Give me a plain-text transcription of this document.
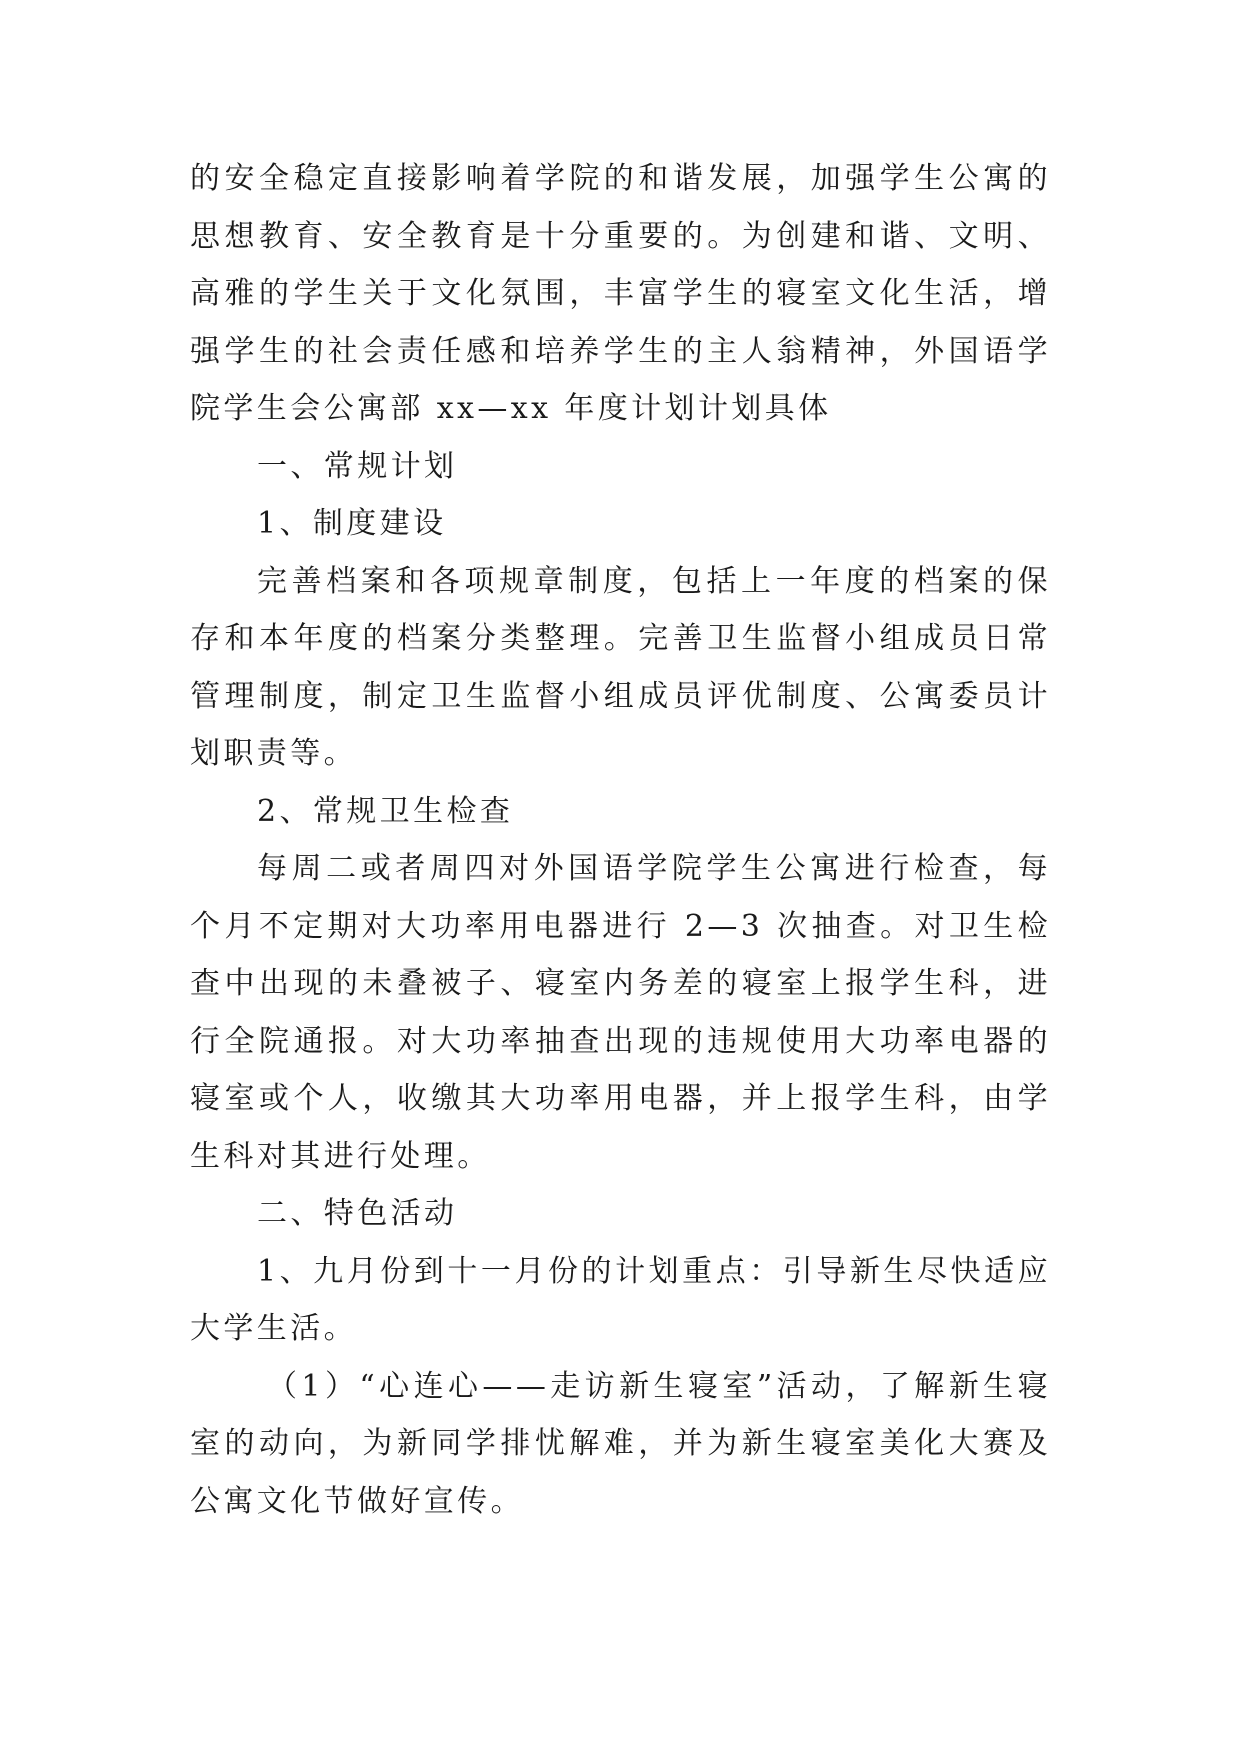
的安全稳定直接影响着学院的和谐发展，加强学生公寓的思想教育、安全教育是十分重要的。为创建和谐、文明、高雅的学生关于文化氛围，丰富学生的寝室文化生活，增强学生的社会责任感和培养学生的主人翁精神，外国语学院学生会公寓部 xx—xx 年度计划计划具体

一、常规计划

1、制度建设

完善档案和各项规章制度，包括上一年度的档案的保存和本年度的档案分类整理。完善卫生监督小组成员日常管理制度，制定卫生监督小组成员评优制度、公寓委员计划职责等。

2、常规卫生检查

每周二或者周四对外国语学院学生公寓进行检查，每个月不定期对大功率用电器进行 2—3 次抽查。对卫生检查中出现的未叠被子、寝室内务差的寝室上报学生科，进行全院通报。对大功率抽查出现的违规使用大功率电器的寝室或个人，收缴其大功率用电器，并上报学生科，由学生科对其进行处理。

二、特色活动

1、九月份到十一月份的计划重点：引导新生尽快适应大学生活。

（1）“心连心——走访新生寝室”活动，了解新生寝室的动向，为新同学排忧解难，并为新生寝室美化大赛及公寓文化节做好宣传。
